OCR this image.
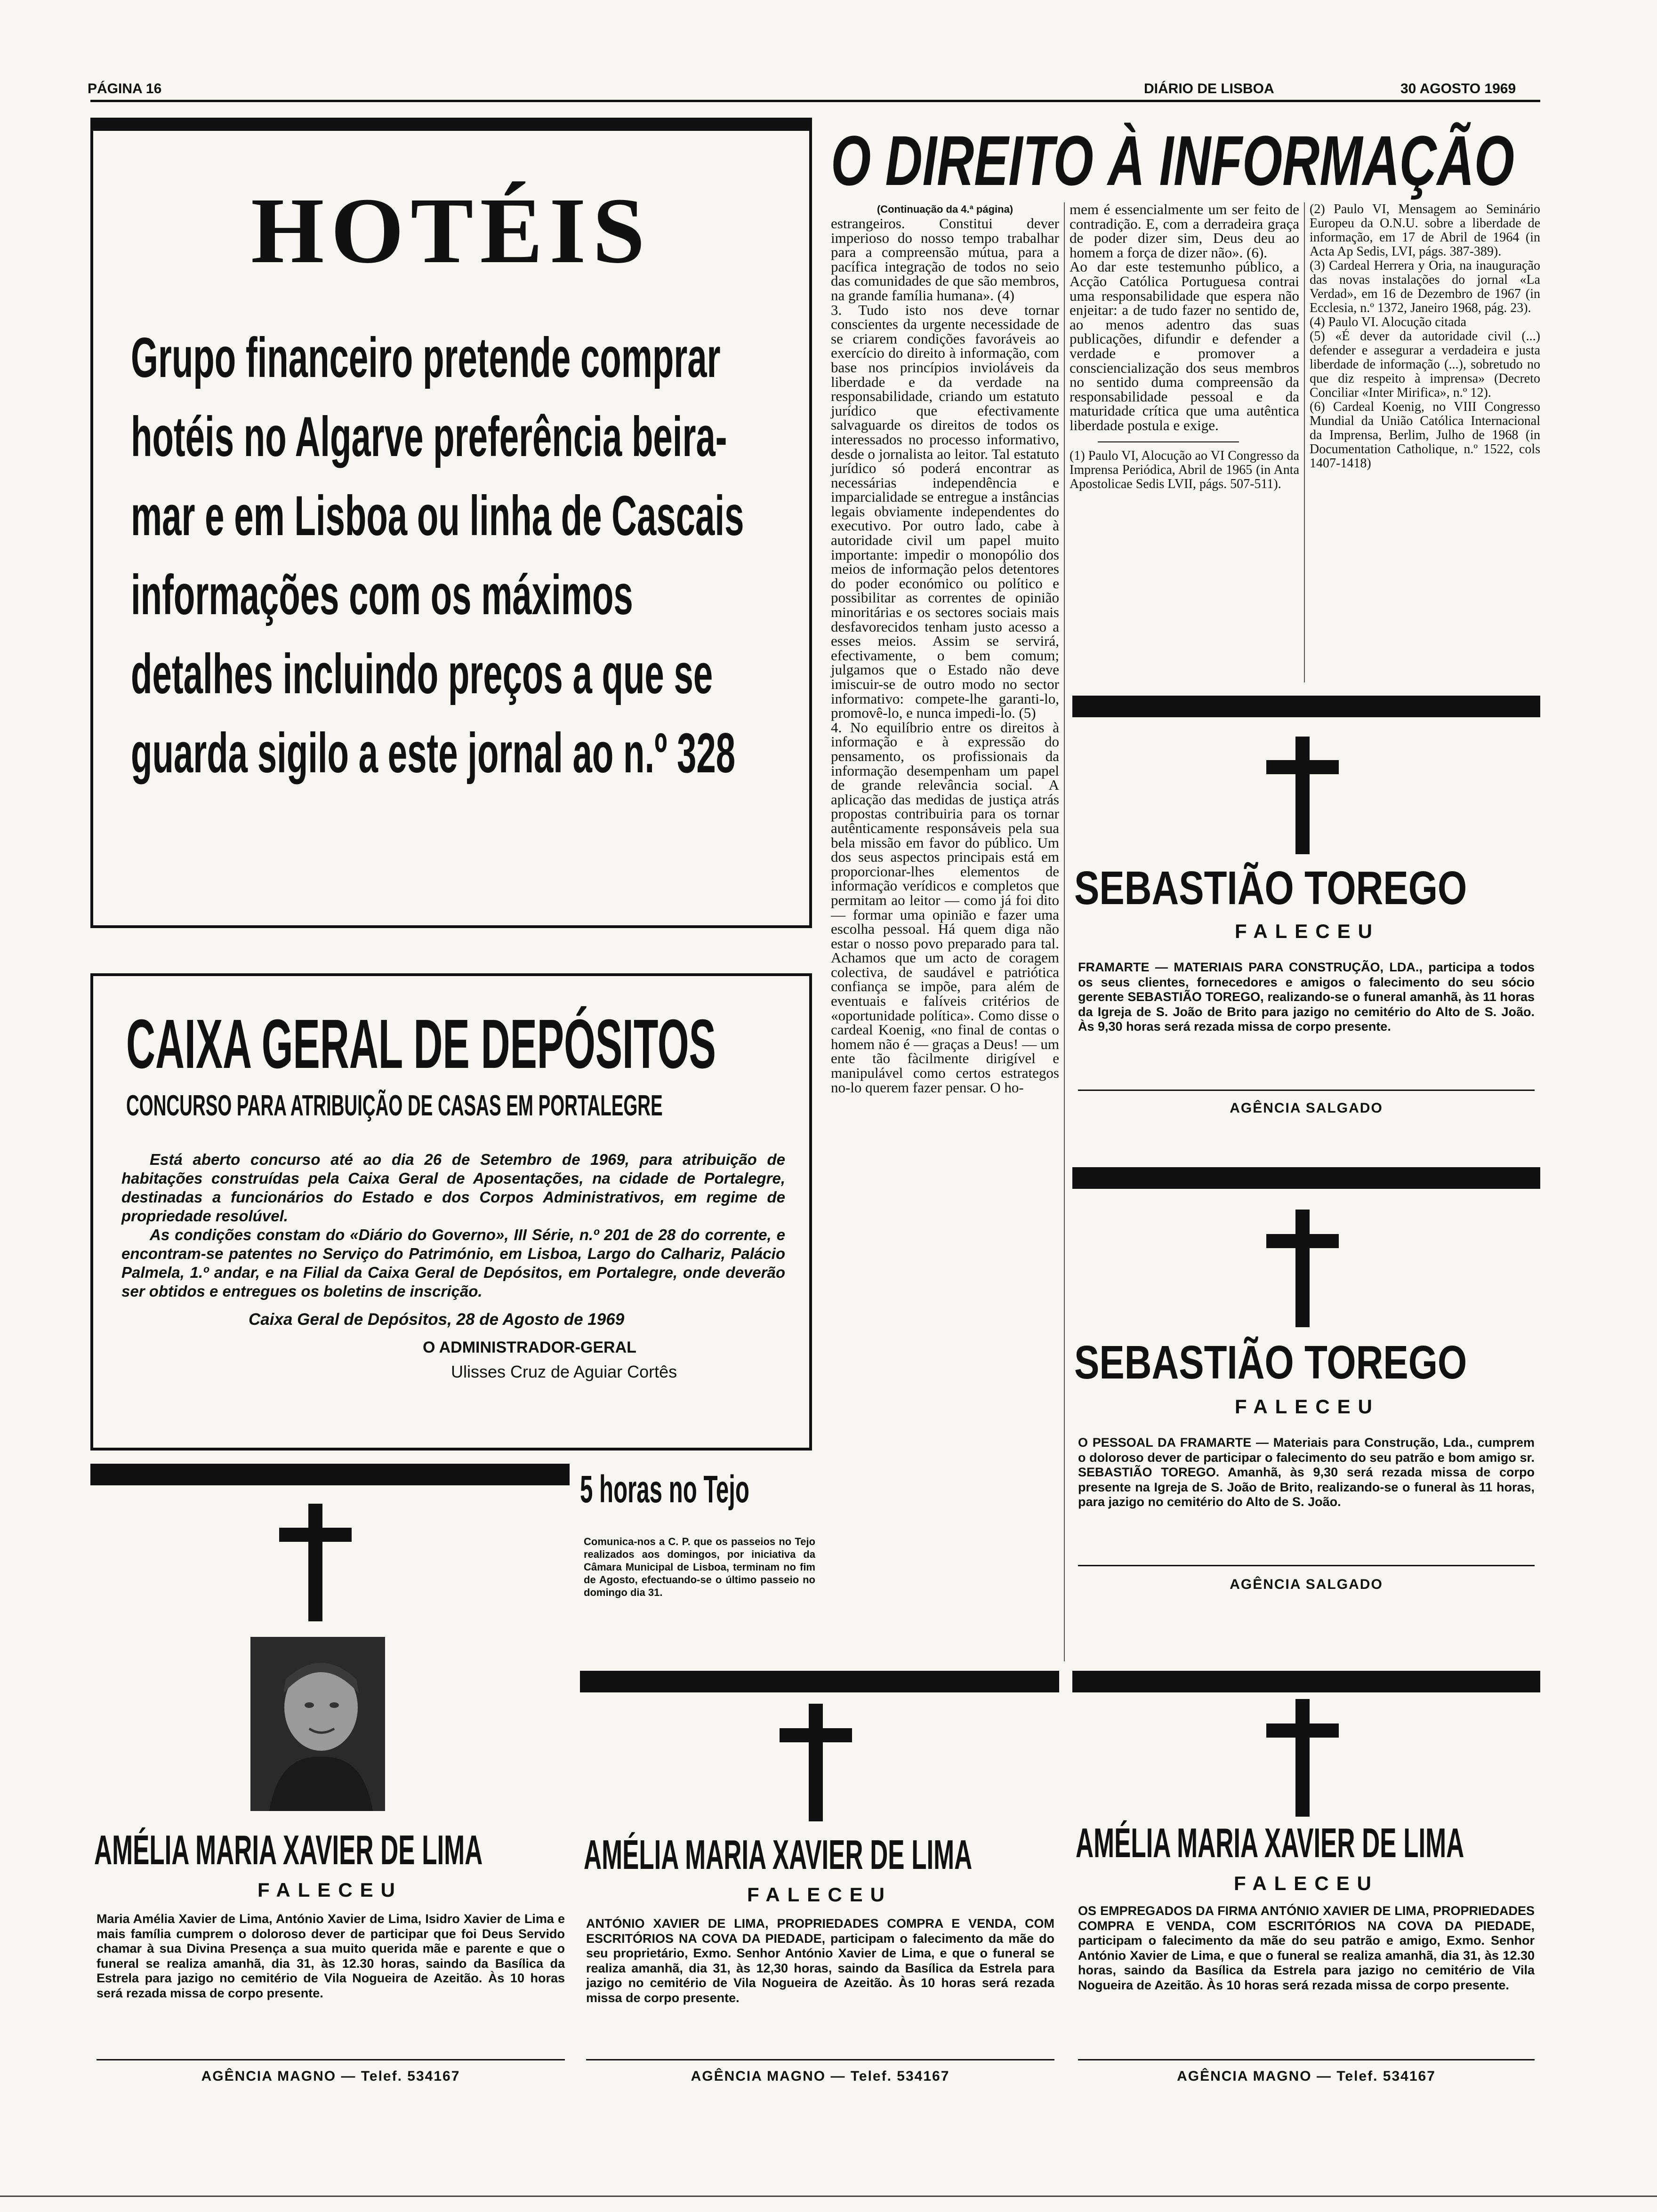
PÁGINA 16	DIÁRIO DE LISBOA	30 AGOSTO 1969
HOTÉIS
Grupo financeiro pretende comprar hotéis no Algarve preferência beira-mar e em Lisboa ou linha de Cascais informações com os máximos detalhes incluindo preços a que se guarda sigilo a este jornal ao n.º 328
CAIXA GERAL DE DEPÓSITOS
CONCURSO PARA ATRIBUIÇÃO DE CASAS EM PORTALEGRE

Está aberto concurso até ao dia 26 de Setembro de 1969, para atribuição de habitações construídas pela Caixa Geral de Aposentações, na cidade de Portalegre, destinadas a funcionários do Estado e dos Corpos Administrativos, em regime de propriedade resolúvel.

As condições constam do «Diário do Governo», III Série, n.º 201 de 28 do corrente, e encontram-se patentes no Serviço do Património, em Lisboa, Largo do Calhariz, Palácio Palmela, 1.º andar, e na Filial da Caixa Geral de Depósitos, em Portalegre, onde deverão ser obtidos e entregues os boletins de inscrição.

Caixa Geral de Depósitos, 28 de Agosto de 1969
O ADMINISTRADOR-GERAL
Ulisses Cruz de Aguiar Cortês
O DIREITO À INFORMAÇÃO
(Continuação da 4.ª página)
estrangeiros. Constitui dever imperioso do nosso tempo trabalhar para a compreensão mútua, para a pacífica integração de todos no seio das comunidades de que são membros, na grande família humana». (4)
3. Tudo isto nos deve tornar conscientes da urgente necessidade de se criarem condições favoráveis ao exercício do direito à informação, com base nos princípios invioláveis da liberdade e da verdade na responsabilidade, criando um estatuto jurídico que efectivamente salvaguarde os direitos de todos os interessados no processo informativo, desde o jornalista ao leitor. Tal estatuto jurídico só poderá encontrar as necessárias independência e imparcialidade se entregue a instâncias legais obviamente independentes do executivo. Por outro lado, cabe à autoridade civil um papel muito importante: impedir o monopólio dos meios de informação pelos detentores do poder económico ou político e possibilitar as correntes de opinião minoritárias e os sectores sociais mais desfavorecidos tenham justo acesso a esses meios. Assim se servirá, efectivamente, o bem comum; julgamos que o Estado não deve imiscuir-se de outro modo no sector informativo: compete-lhe garanti-lo, promovê-lo, e nunca impedi-lo. (5)
4. No equilíbrio entre os direitos à informação e à expressão do pensamento, os profissionais da informação desempenham um papel de grande relevância social. A aplicação das medidas de justiça atrás propostas contribuiria para os tornar autênticamente responsáveis pela sua bela missão em favor do público. Um dos seus aspectos principais está em proporcionar-lhes elementos de informação verídicos e completos que permitam ao leitor — como já foi dito — formar uma opinião e fazer uma escolha pessoal. Há quem diga não estar o nosso povo preparado para tal. Achamos que um acto de coragem colectiva, de saudável e patriótica confiança se impõe, para além de eventuais e falíveis critérios de «oportunidade política». Como disse o cardeal Koenig, «no final de contas o homem não é — graças a Deus! — um ente tão fàcilmente dirigível e manipulável como certos estrategos no-lo querem fazer pensar. O ho-
mem é essencialmente um ser feito de contradição. E, com a derradeira graça de poder dizer sim, Deus deu ao homem a força de dizer não». (6).
Ao dar este testemunho público, a Acção Católica Portuguesa contrai uma responsabilidade que espera não enjeitar: a de tudo fazer no sentido de, ao menos adentro das suas publicações, difundir e defender a verdade e promover a consciencialização dos seus membros no sentido duma compreensão da responsabilidade pessoal e da maturidade crítica que uma autêntica liberdade postula e exige.
(1) Paulo VI, Alocução ao VI Congresso da Imprensa Periódica, Abril de 1965 (in Anta Apostolicae Sedis LVII, págs. 507-511).
(2) Paulo VI, Mensagem ao Seminário Europeu da O.N.U. sobre a liberdade de informação, em 17 de Abril de 1964 (in Acta Ap Sedis, LVI, págs. 387-389).
(3) Cardeal Herrera y Oria, na inauguração das novas instalações do jornal «La Verdad», em 16 de Dezembro de 1967 (in Ecclesia, n.º 1372, Janeiro 1968, pág. 23).
(4) Paulo VI. Alocução citada
(5) «É dever da autoridade civil (...) defender e assegurar a verdadeira e justa liberdade de informação (...), sobretudo no que diz respeito à imprensa» (Decreto Conciliar «Inter Mirifica», n.º 12).
(6) Cardeal Koenig, no VIII Congresso Mundial da União Católica Internacional da Imprensa, Berlim, Julho de 1968 (in Documentation Catholique, n.º 1522, cols 1407-1418)
5 horas no Tejo
Comunica-nos a C. P. que os passeios no Tejo realizados aos domingos, por iniciativa da Câmara Municipal de Lisboa, terminam no fim de Agosto, efectuando-se o último passeio no domingo dia 31.
SEBASTIÃO TOREGO
FALECEU
FRAMARTE — MATERIAIS PARA CONSTRUÇÃO, LDA., participa a todos os seus clientes, fornecedores e amigos o falecimento do seu sócio gerente SEBASTIÃO TOREGO, realizando-se o funeral amanhã, às 11 horas da Igreja de S. João de Brito para jazigo no cemitério do Alto de S. João. Às 9,30 horas será rezada missa de corpo presente.
AGÊNCIA SALGADO
SEBASTIÃO TOREGO
FALECEU
O PESSOAL DA FRAMARTE — Materiais para Construção, Lda., cumprem o doloroso dever de participar o falecimento do seu patrão e bom amigo sr. SEBASTIÃO TOREGO. Amanhã, às 9,30 será rezada missa de corpo presente na Igreja de S. João de Brito, realizando-se o funeral às 11 horas, para jazigo no cemitério do Alto de S. João.
AGÊNCIA SALGADO
AMÉLIA MARIA XAVIER DE LIMA
FALECEU
Maria Amélia Xavier de Lima, António Xavier de Lima, Isidro Xavier de Lima e mais família cumprem o doloroso dever de participar que foi Deus Servido chamar à sua Divina Presença a sua muito querida mãe e parente e que o funeral se realiza amanhã, dia 31, às 12.30 horas, saindo da Basílica da Estrela para jazigo no cemitério de Vila Nogueira de Azeitão. Às 10 horas será rezada missa de corpo presente.
AGÊNCIA MAGNO — Telef. 534167
AMÉLIA MARIA XAVIER DE LIMA
FALECEU
ANTÓNIO XAVIER DE LIMA, PROPRIEDADES COMPRA E VENDA, COM ESCRITÓRIOS NA COVA DA PIEDADE, participam o falecimento da mãe do seu proprietário, Exmo. Senhor António Xavier de Lima, e que o funeral se realiza amanhã, dia 31, às 12,30 horas, saindo da Basílica da Estrela para jazigo no cemitério de Vila Nogueira de Azeitão. Às 10 horas será rezada missa de corpo presente.
AGÊNCIA MAGNO — Telef. 534167
AMÉLIA MARIA XAVIER DE LIMA
FALECEU
OS EMPREGADOS DA FIRMA ANTÓNIO XAVIER DE LIMA, PROPRIEDADES COMPRA E VENDA, COM ESCRITÓRIOS NA COVA DA PIEDADE, participam o falecimento da mãe do seu patrão e amigo, Exmo. Senhor António Xavier de Lima, e que o funeral se realiza amanhã, dia 31, às 12.30 horas, saindo da Basílica da Estrela para jazigo no cemitério de Vila Nogueira de Azeitão. Às 10 horas será rezada missa de corpo presente.
AGÊNCIA MAGNO — Telef. 534167
